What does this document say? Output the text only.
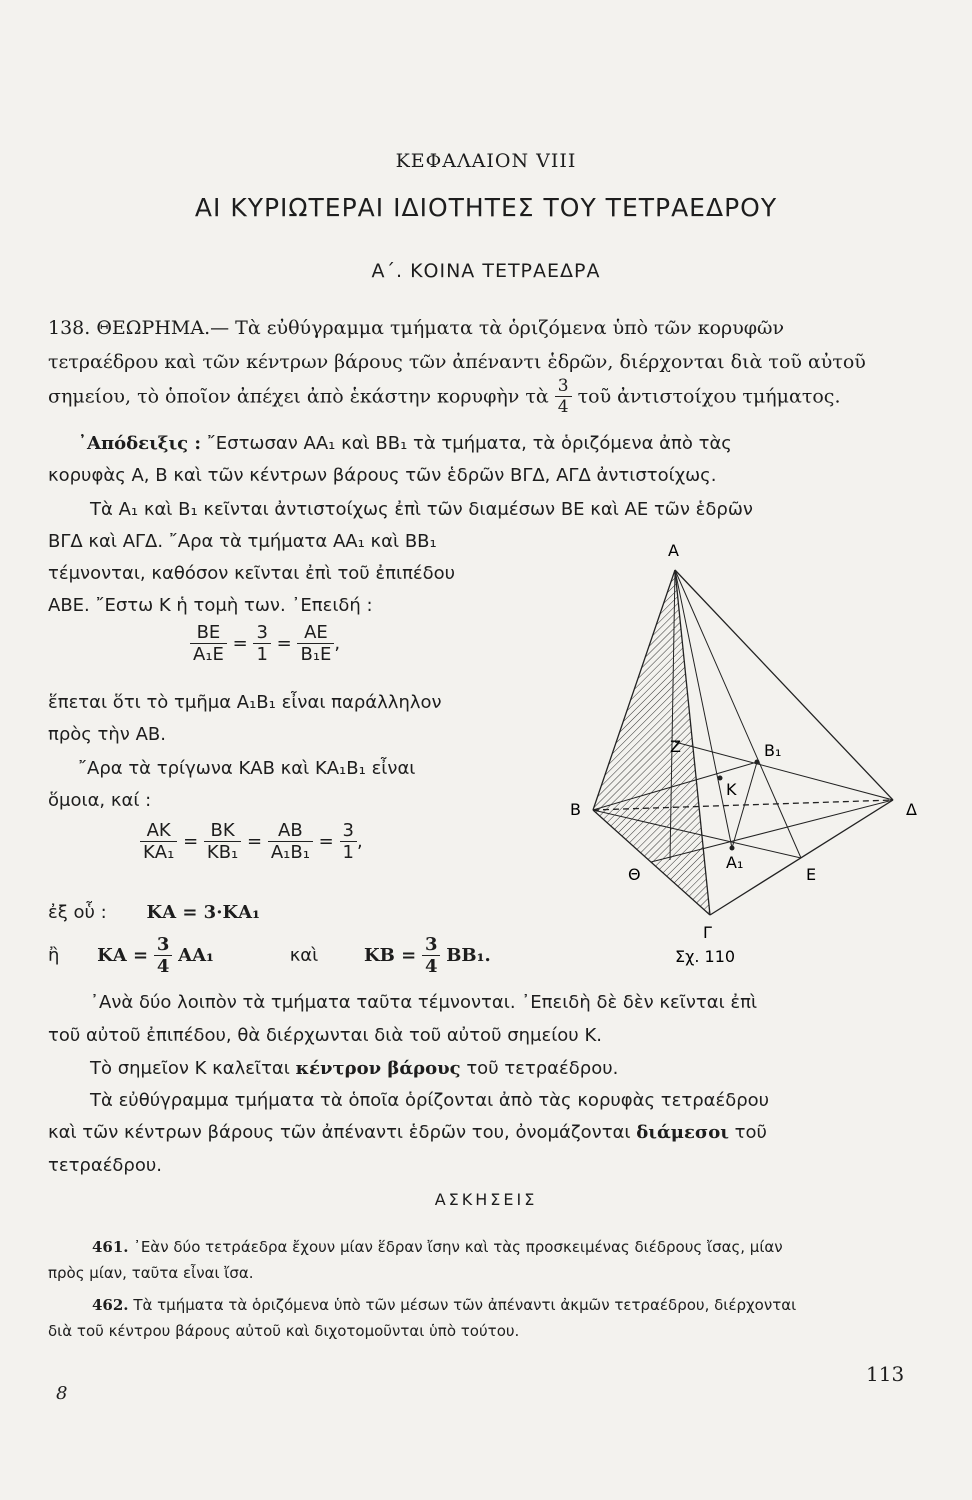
ΚΕΦΑΛΑΙΟΝ VIII
ΑΙ ΚΥΡΙΩΤΕΡΑΙ ΙΔΙΟΤΗΤΕΣ ΤΟΥ ΤΕΤΡΑΕΔΡΟΥ
Α΄. ΚΟΙΝΑ ΤΕΤΡΑΕΔΡΑ
138. ΘΕΩΡΗΜΑ.— Τὰ εὐθύγραμμα τμήματα τὰ ὁριζόμενα ὑπὸ τῶν κορυφῶν
τετραέδρου καὶ τῶν κέντρων βάρους τῶν ἀπέναντι ἑδρῶν, διέρχονται διὰ τοῦ αὐτοῦ
σημείου, τὸ ὁποῖον ἀπέχει ἀπὸ ἑκάστην κορυφὴν τὰ $\frac{3}{4}$ τοῦ ἀντιστοίχου τμήματος.
᾿Απόδειξις : ῎Εστωσαν ΑΑ₁ καὶ ΒΒ₁ τὰ τμήματα, τὰ ὁριζόμενα ἀπὸ τὰς
κορυφὰς Α, Β καὶ τῶν κέντρων βάρους τῶν ἑδρῶν ΒΓΔ, ΑΓΔ ἀντιστοίχως.
Τὰ Α₁ καὶ Β₁ κεῖνται ἀντιστοίχως ἐπὶ τῶν διαμέσων ΒΕ καὶ ΑΕ τῶν ἑδρῶν
ΒΓΔ καὶ ΑΓΔ. ῎Αρα τὰ τμήματα ΑΑ₁ καὶ ΒΒ₁
τέμνονται, καθόσον κεῖνται ἐπὶ τοῦ ἐπιπέδου
ΑΒΕ. ῎Εστω Κ ἡ τομὴ των. ᾿Επειδή :
$\frac{BE}{\text{Α₁Ε}} = \frac{3}{1} = \frac{AE}{\text{Β₁Ε}}$ ,
ἕπεται ὅτι τὸ τμῆμα Α₁Β₁ εἶναι παράλληλον
πρὸς τὴν ΑΒ.
῎Αρα τὰ τρίγωνα ΚΑΒ καὶ ΚΑ₁Β₁ εἶναι
ὅμοια, καί :
$\frac{AK}{\text{ΚΑ₁}} = \frac{BK}{\text{ΚΒ₁}} = \frac{AB}{\text{Α₁Β₁}} = \frac{3}{1}$ ,
ἐξ οὗ : ΚΑ = 3·ΚΑ₁
ἢ $KA = \frac{3}{4} AA_1$	καὶ	$KB = \frac{3}{4} BB_1$.
᾿Ανὰ δύο λοιπὸν τὰ τμήματα ταῦτα τέμνονται. ᾿Επειδὴ δὲ δὲν κεῖνται ἐπὶ
τοῦ αὐτοῦ ἐπιπέδου, θὰ διέρχωνται διὰ τοῦ αὐτοῦ σημείου Κ.
Τὸ σημεῖον Κ καλεῖται κέντρον βάρους τοῦ τετραέδρου.
Τὰ εὐθύγραμμα τμήματα τὰ ὁποῖα ὁρίζονται ἀπὸ τὰς κορυφὰς τετραέδρου
καὶ τῶν κέντρων βάρους τῶν ἀπέναντι ἑδρῶν του, ὀνομάζονται διάμεσοι τοῦ
τετραέδρου.
ΑΣΚΗΣΕΙΣ
461. ᾿Εὰν δύο τετράεδρα ἔχουν μίαν ἕδραν ἴσην καὶ τὰς προσκειμένας διέδρους ἴσας, μίαν
πρὸς μίαν, ταῦτα εἶναι ἴσα.
462. Τὰ τμήματα τὰ ὁριζόμενα ὑπὸ τῶν μέσων τῶν ἀπέναντι ἀκμῶν τετραέδρου, διέρχονται
διὰ τοῦ κέντρου βάρους αὐτοῦ καὶ διχοτομοῦνται ὑπὸ τούτου.
8
113
Α
Β
Γ
Δ
Ζ	Β₁
Κ
Α₁
Ε
Θ
Σχ. 110
